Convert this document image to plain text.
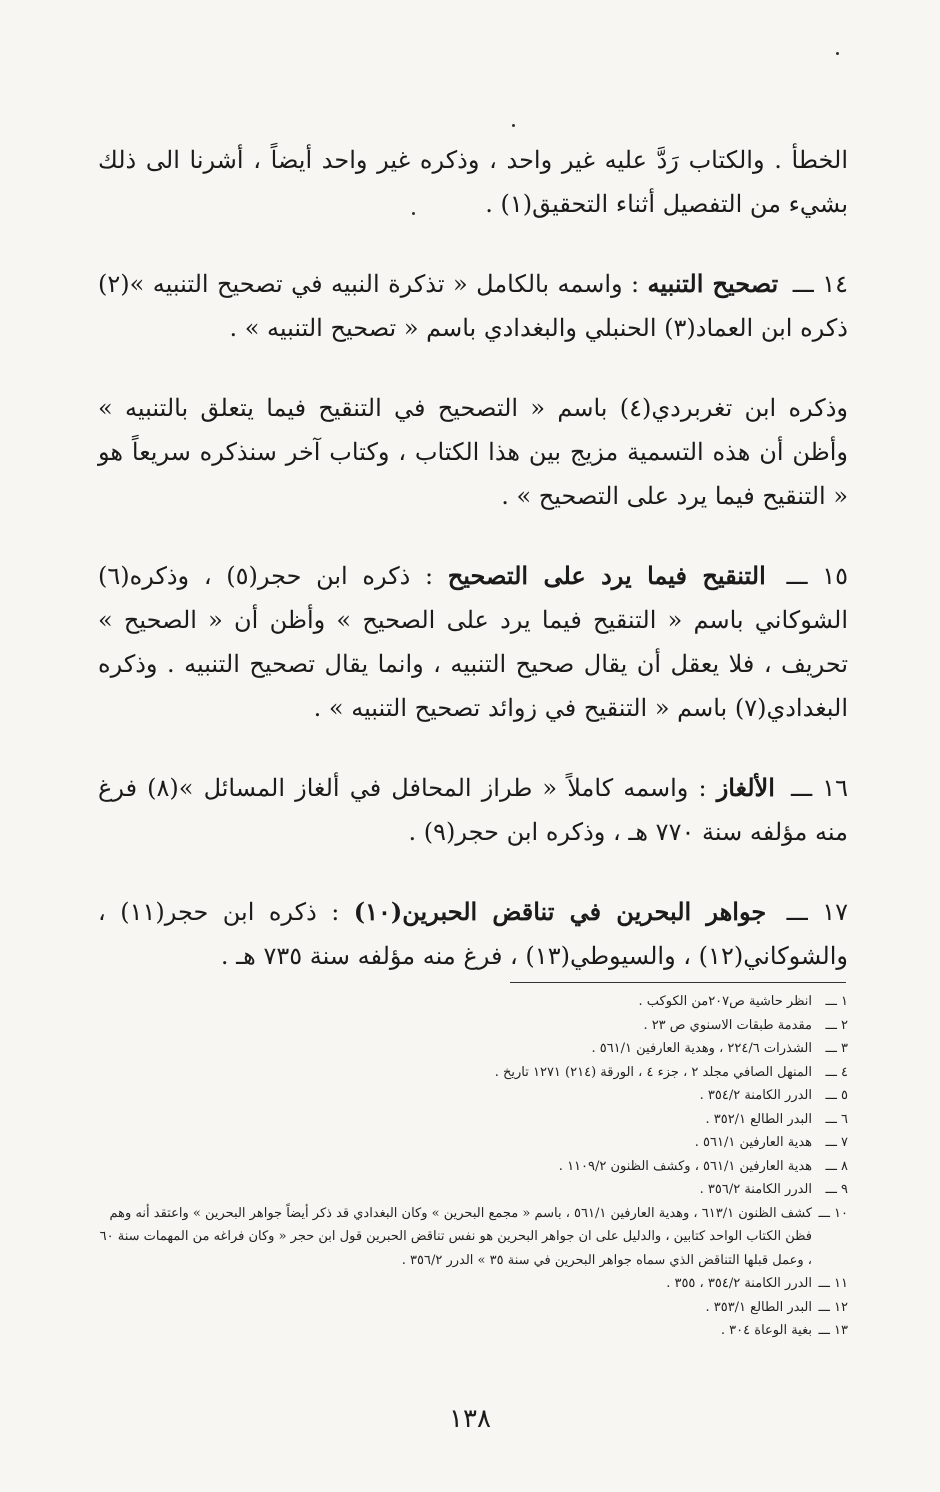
الخطأ . والكتاب رَدَّ عليه غير واحد ، وذكره غير واحد أيضاً ، أشرنا الى ذلك بشيء من التفصيل أثناء التحقيق(١) .

١٤ ـــ تصحيح التنبيه : واسمه بالكامل « تذكرة النبيه في تصحيح التنبيه »(٢) ذكره ابن العماد(٣) الحنبلي والبغدادي باسم « تصحيح التنبيه » .

وذكره ابن تغربردي(٤) باسم « التصحيح في التنقيح فيما يتعلق بالتنبيه » وأظن أن هذه التسمية مزيج بين هذا الكتاب ، وكتاب آخر سنذكره سريعاً هو « التنقيح فيما يرد على التصحيح » .

١٥ ـــ التنقيح فيما يرد على التصحيح : ذكره ابن حجر(٥) ، وذكره(٦) الشوكاني باسم « التنقيح فيما يرد على الصحيح » وأظن أن « الصحيح » تحريف ، فلا يعقل أن يقال صحيح التنبيه ، وانما يقال تصحيح التنبيه . وذكره البغدادي(٧) باسم « التنقيح في زوائد تصحيح التنبيه » .

١٦ ـــ الألغاز : واسمه كاملاً « طراز المحافل في ألغاز المسائل »(٨) فرغ منه مؤلفه سنة ٧٧٠ هـ ، وذكره ابن حجر(٩) .

١٧ ـــ جواهر البحرين في تناقض الحبرين(١٠) : ذكره ابن حجر(١١) ، والشوكاني(١٢) ، والسيوطي(١٣) ، فرغ منه مؤلفه سنة ٧٣٥ هـ .

١ ـــ
انظر حاشية ص٢٠٧من الكوكب .
٢ ـــ
مقدمة طبقات الاسنوي ص ٢٣ .
٣ ـــ
الشذرات ٢٢٤/٦ ، وهدية العارفين ٥٦١/١ .
٤ ـــ
المنهل الصافي مجلد ٢ ، جزء ٤ ، الورقة (٢١٤) ١٢٧١ تاريخ .
٥ ـــ
الدرر الكامنة ٣٥٤/٢ .
٦ ـــ
البدر الطالع ٣٥٢/١ .
٧ ـــ
هدية العارفين ٥٦١/١ .
٨ ـــ
هدية العارفين ٥٦١/١ ، وكشف الظنون ١١٠٩/٢ .
٩ ـــ
الدرر الكامنة ٣٥٦/٢ .
١٠ ـــ
كشف الظنون ٦١٣/١ ، وهدية العارفين ٥٦١/١ ، باسم « مجمع البحرين » وكان البغدادي قد ذكر أيضاً جواهر البحرين » واعتقد أنه وهم فظن الكتاب الواحد كتابين ، والدليل على ان جواهر البحرين هو نفس تناقض الحبرين قول ابن حجر « وكان فراغه من المهمات سنة ٦٠ ، وعمل قبلها التناقض الذي سماه جواهر البحرين في سنة ٣٥ » الدرر ٣٥٦/٢ .
١١ ـــ
الدرر الكامنة ٣٥٤/٢ ، ٣٥٥ .
١٢ ـــ
البدر الطالع ٣٥٣/١ .
١٣ ـــ
بغية الوعاة ٣٠٤ .
١٣٨
